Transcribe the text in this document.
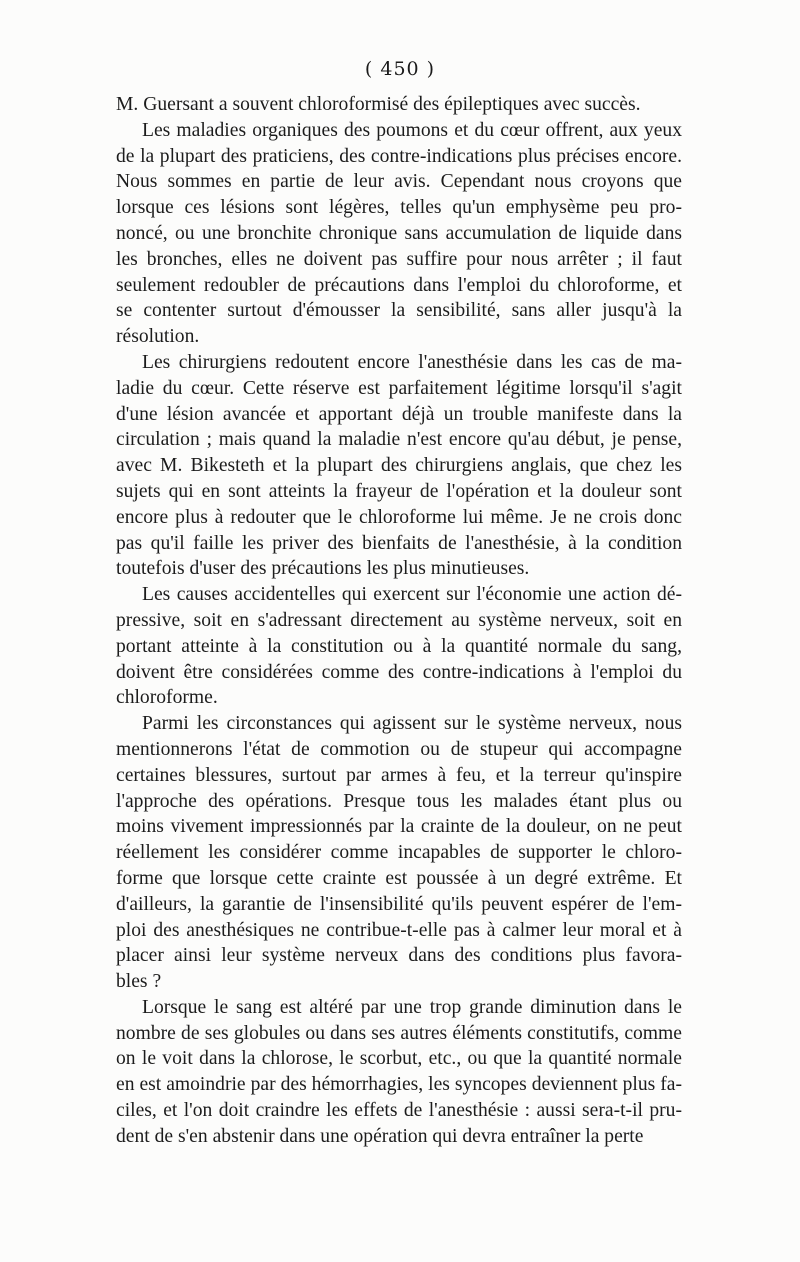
( 450 )
M. Guersant a souvent chloroformisé des épileptiques avec succès.
Les maladies organiques des poumons et du cœur offrent, aux yeux
de la plupart des praticiens, des contre-indications plus précises encore.
Nous sommes en partie de leur avis. Cependant nous croyons que
lorsque ces lésions sont légères, telles qu'un emphysème peu pro-
noncé, ou une bronchite chronique sans accumulation de liquide dans
les bronches, elles ne doivent pas suffire pour nous arrêter ; il faut
seulement redoubler de précautions dans l'emploi du chloroforme, et
se contenter surtout d'émousser la sensibilité, sans aller jusqu'à la
résolution.
Les chirurgiens redoutent encore l'anesthésie dans les cas de ma-
ladie du cœur. Cette réserve est parfaitement légitime lorsqu'il s'agit
d'une lésion avancée et apportant déjà un trouble manifeste dans la
circulation ; mais quand la maladie n'est encore qu'au début, je pense,
avec M. Bikesteth et la plupart des chirurgiens anglais, que chez les
sujets qui en sont atteints la frayeur de l'opération et la douleur sont
encore plus à redouter que le chloroforme lui même. Je ne crois donc
pas qu'il faille les priver des bienfaits de l'anesthésie, à la condition
toutefois d'user des précautions les plus minutieuses.
Les causes accidentelles qui exercent sur l'économie une action dé-
pressive, soit en s'adressant directement au système nerveux, soit en
portant atteinte à la constitution ou à la quantité normale du sang,
doivent être considérées comme des contre-indications à l'emploi du
chloroforme.
Parmi les circonstances qui agissent sur le système nerveux, nous
mentionnerons l'état de commotion ou de stupeur qui accompagne
certaines blessures, surtout par armes à feu, et la terreur qu'inspire
l'approche des opérations. Presque tous les malades étant plus ou
moins vivement impressionnés par la crainte de la douleur, on ne peut
réellement les considérer comme incapables de supporter le chloro-
forme que lorsque cette crainte est poussée à un degré extrême. Et
d'ailleurs, la garantie de l'insensibilité qu'ils peuvent espérer de l'em-
ploi des anesthésiques ne contribue-t-elle pas à calmer leur moral et à
placer ainsi leur système nerveux dans des conditions plus favora-
bles ?
Lorsque le sang est altéré par une trop grande diminution dans le
nombre de ses globules ou dans ses autres éléments constitutifs, comme
on le voit dans la chlorose, le scorbut, etc., ou que la quantité normale
en est amoindrie par des hémorrhagies, les syncopes deviennent plus fa-
ciles, et l'on doit craindre les effets de l'anesthésie : aussi sera-t-il pru-
dent de s'en abstenir dans une opération qui devra entraîner la perte
